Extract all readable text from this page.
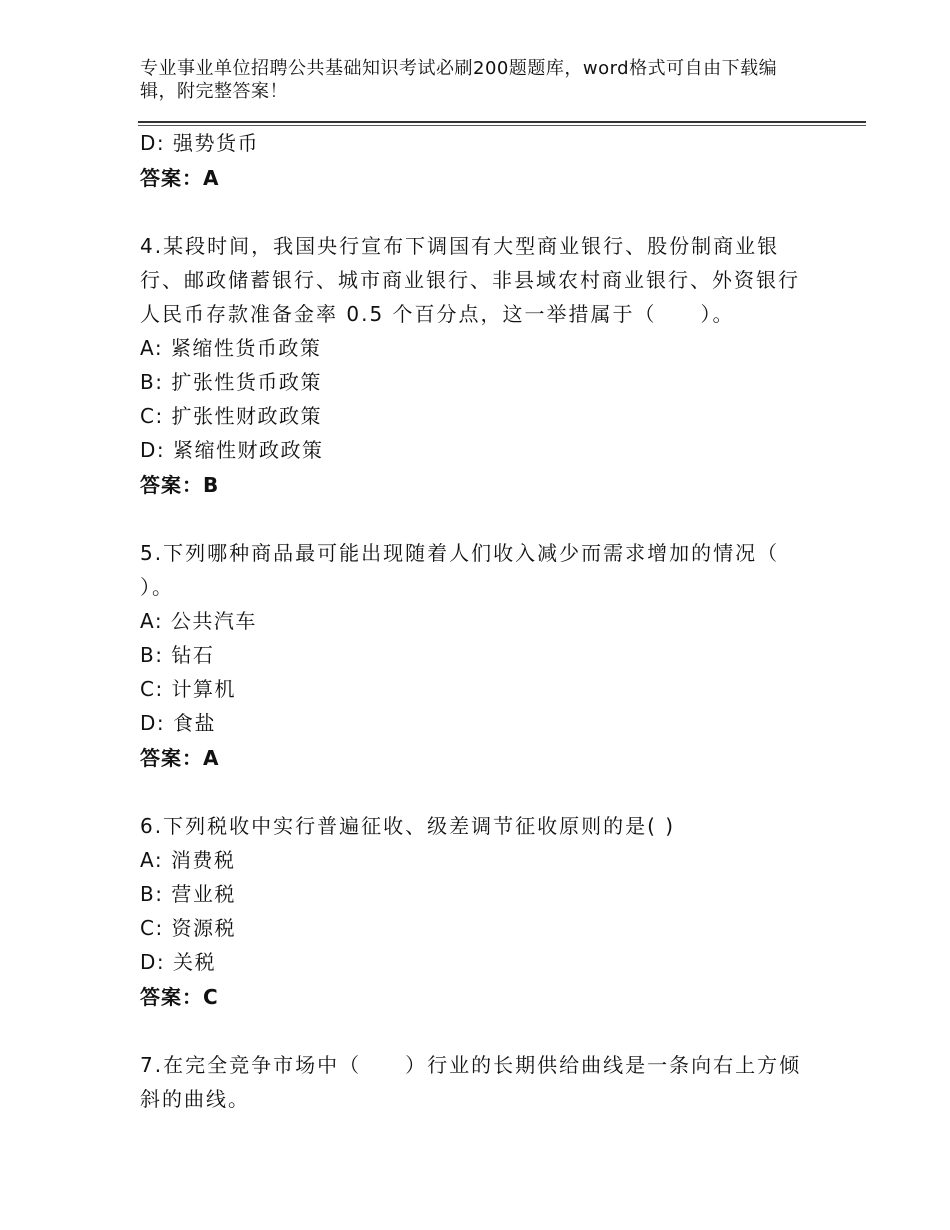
专业事业单位招聘公共基础知识考试必刷200题题库，word格式可自由下载编辑，附完整答案！
D: 强势货币
答案：A
4.某段时间，我国央行宣布下调国有大型商业银行、股份制商业银
行、邮政储蓄银行、城市商业银行、非县域农村商业银行、外资银行
人民币存款准备金率 0.5 个百分点，这一举措属于（　　）。
A: 紧缩性货币政策
B: 扩张性货币政策
C: 扩张性财政政策
D: 紧缩性财政政策
答案：B
5.下列哪种商品最可能出现随着人们收入减少而需求增加的情况（
）。
A: 公共汽车
B: 钻石
C: 计算机
D: 食盐
答案：A
6.下列税收中实行普遍征收、级差调节征收原则的是( )
A: 消费税
B: 营业税
C: 资源税
D: 关税
答案：C
7.在完全竞争市场中（　　）行业的长期供给曲线是一条向右上方倾
斜的曲线。
